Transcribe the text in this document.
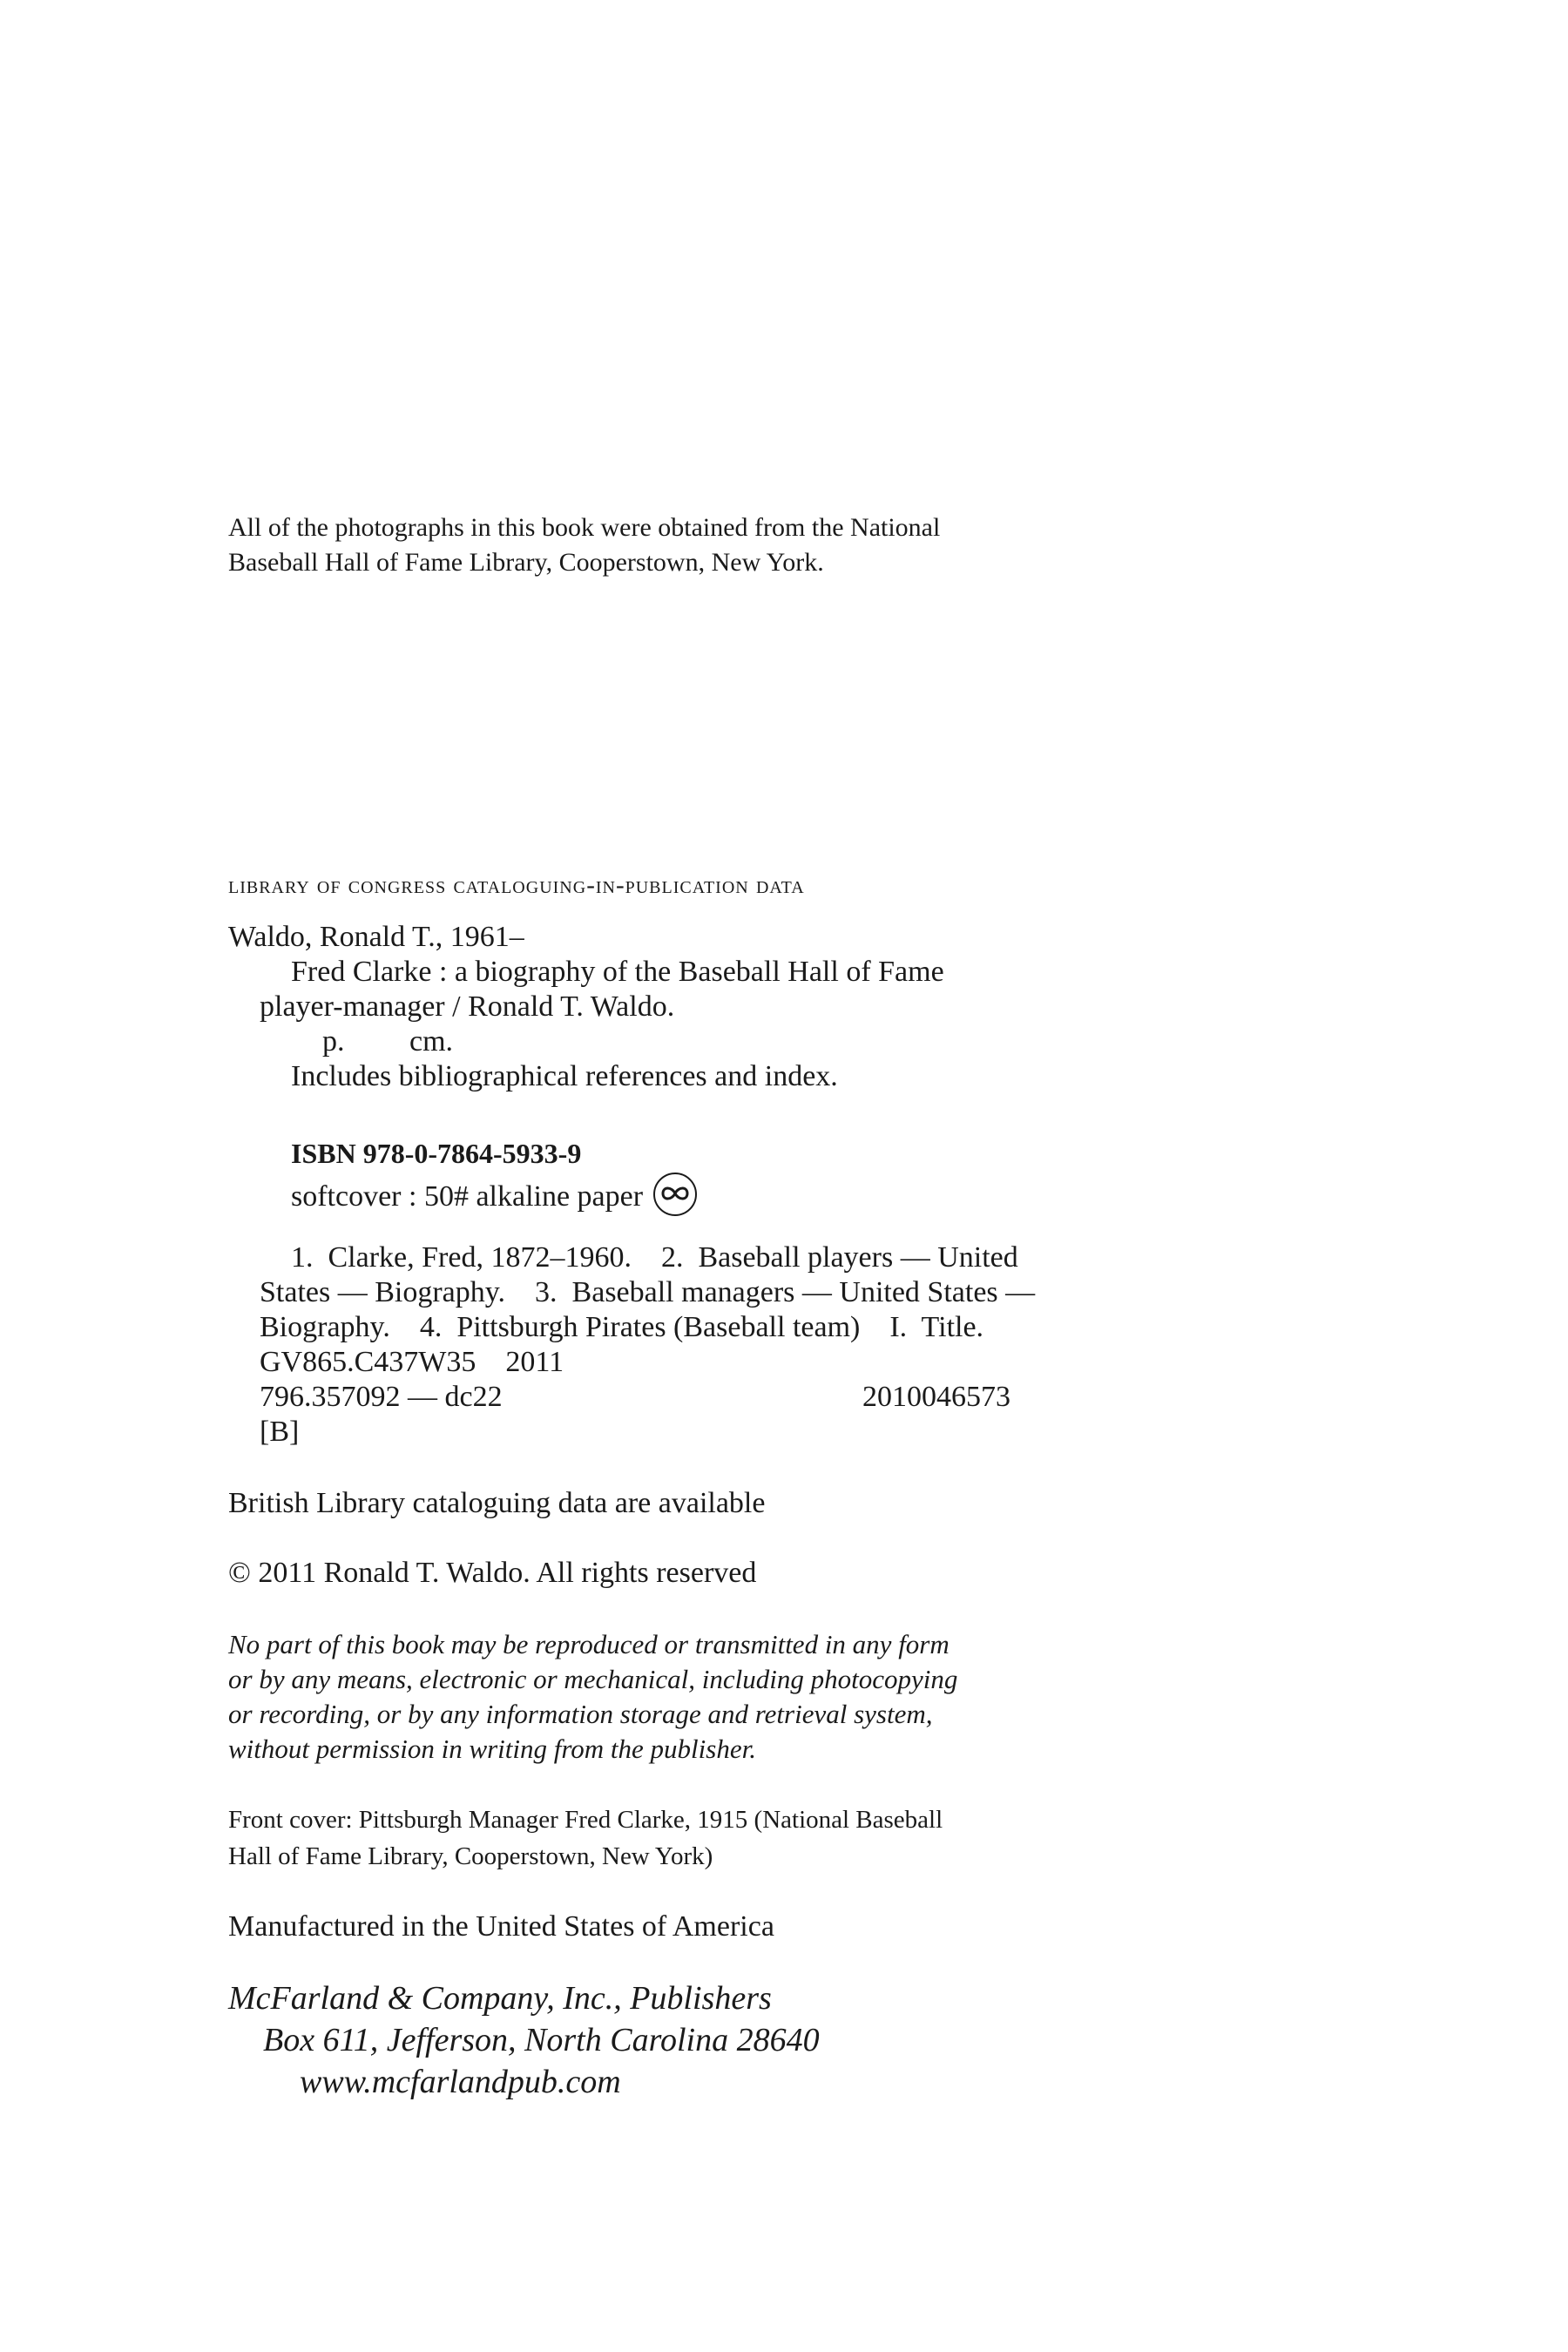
All of the photographs in this book were obtained from the National
Baseball Hall of Fame Library, Cooperstown, New York.
library of congress cataloguing-in-publication data
Waldo, Ronald T., 1961–
Fred Clarke : a biography of the Baseball Hall of Fame
player-manager / Ronald T. Waldo.
p. cm.
Includes bibliographical references and index.
ISBN 978-0-7864-5933-9
softcover : 50# alkaline paper
1.  Clarke, Fred, 1872–1960.    2.  Baseball players — United
States — Biography.    3.  Baseball managers — United States —
Biography.    4.  Pittsburgh Pirates (Baseball team)    I.  Title.
GV865.C437W35    2011
796.357092 — dc22	2010046573
[B]
British Library cataloguing data are available
© 2011 Ronald T. Waldo. All rights reserved
No part of this book may be reproduced or transmitted in any form
or by any means, electronic or mechanical, including photocopying
or recording, or by any information storage and retrieval system,
without permission in writing from the publisher.
Front cover: Pittsburgh Manager Fred Clarke, 1915 (National Baseball
Hall of Fame Library, Cooperstown, New York)
Manufactured in the United States of America
McFarland & Company, Inc., Publishers
Box 611, Jefferson, North Carolina 28640
www.mcfarlandpub.com
